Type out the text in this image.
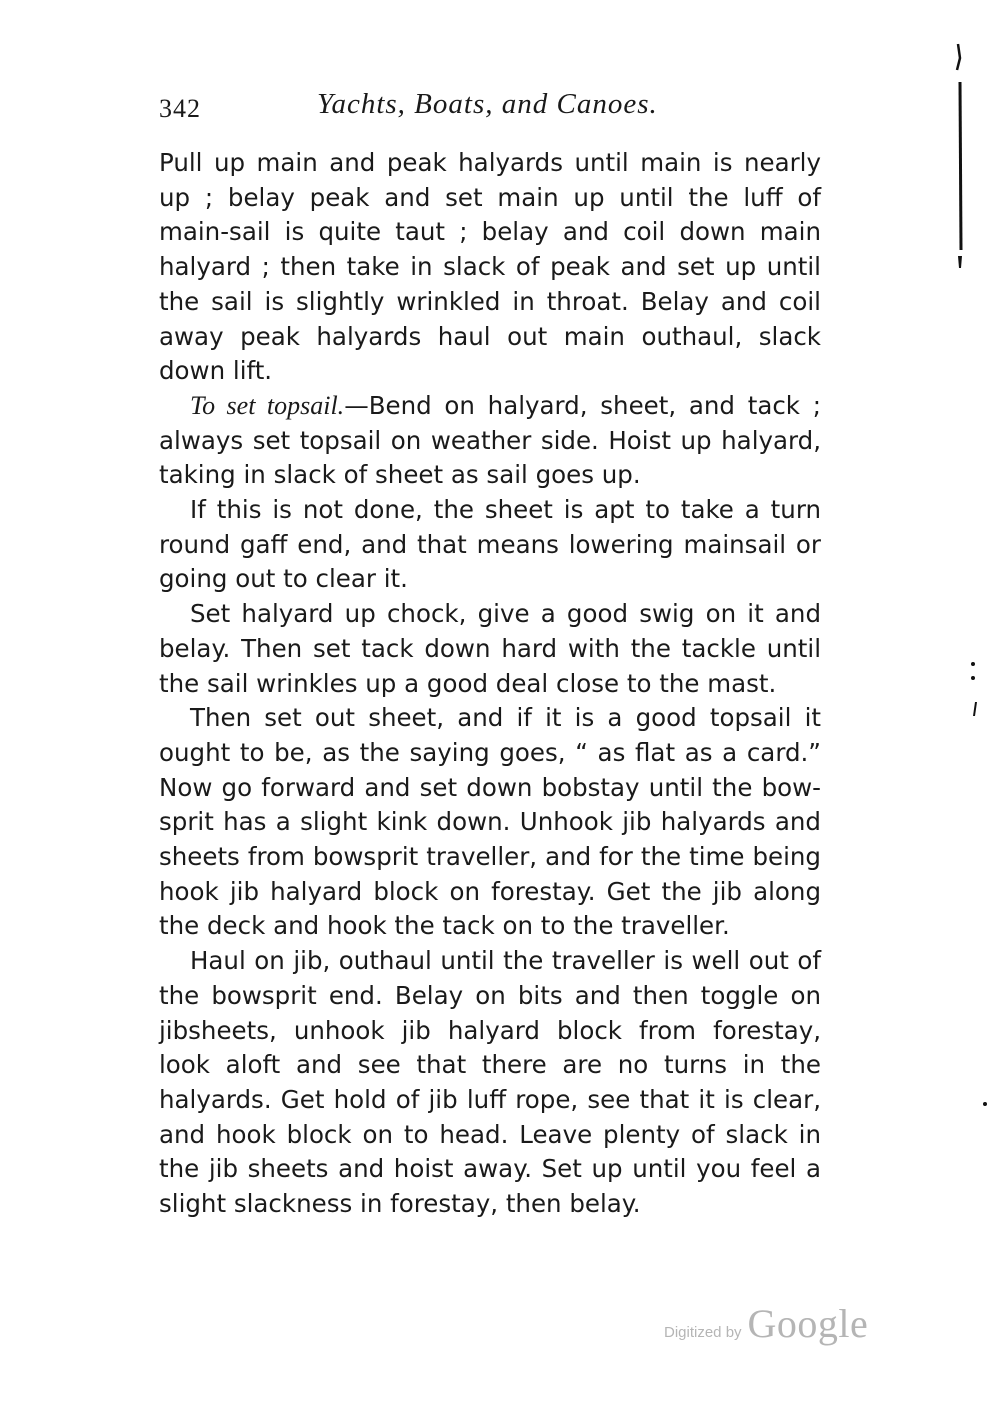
342	Yachts, Boats, and Canoes.

Pull up main and peak halyards until main is nearly up ; belay peak and set main up until the luff of main-sail is quite taut ; belay and coil down main halyard ; then take in slack of peak and set up until the sail is slightly wrinkled in throat. Belay and coil away peak halyards haul out main outhaul, slack down lift.

To set topsail.—Bend on halyard, sheet, and tack ; always set topsail on weather side. Hoist up halyard, taking in slack of sheet as sail goes up.

If this is not done, the sheet is apt to take a turn round gaff end, and that means lowering mainsail or going out to clear it.

Set halyard up chock, give a good swig on it and belay. Then set tack down hard with the tackle until the sail wrinkles up a good deal close to the mast.

Then set out sheet, and if it is a good topsail it ought to be, as the saying goes, “ as flat as a card.” Now go forward and set down bobstay until the bow-sprit has a slight kink down. Unhook jib halyards and sheets from bowsprit traveller, and for the time being hook jib halyard block on forestay. Get the jib along the deck and hook the tack on to the traveller.

Haul on jib, outhaul until the traveller is well out of the bowsprit end. Belay on bits and then toggle on jibsheets, unhook jib halyard block from forestay, look aloft and see that there are no turns in the halyards. Get hold of jib luff rope, see that it is clear, and hook block on to head. Leave plenty of slack in the jib sheets and hoist away. Set up until you feel a slight slackness in forestay, then belay.

Digitized by Google
